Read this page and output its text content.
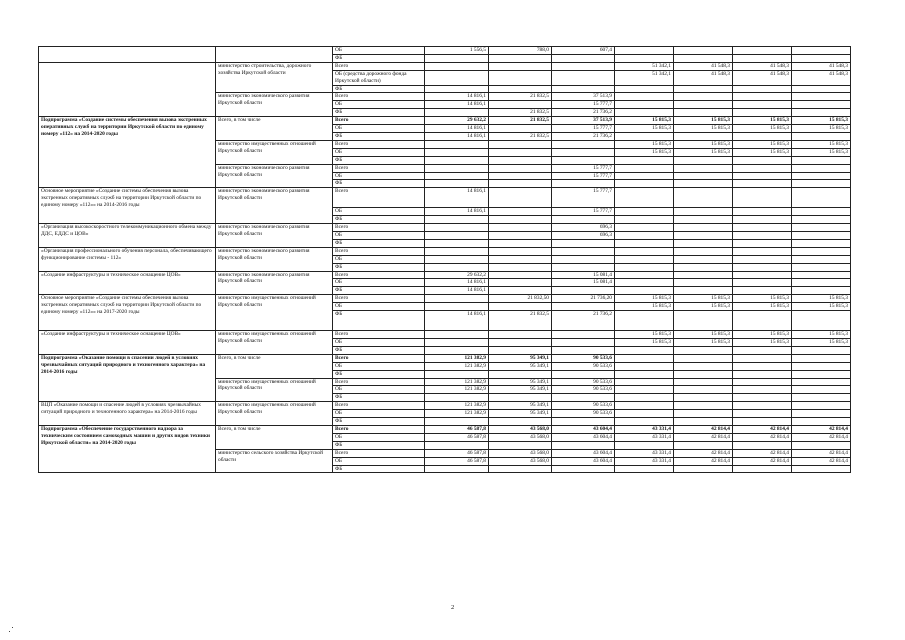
		ОБ	1 556,5	788,0	607,4				
		ФБ							
	министерство строительства, дорожного хозяйства Иркутской области	Всего				51 342,1	41 548,3	41 548,3	41 548,3
		ОБ (средства дорожного фонда Иркутской области)				51 342,1	41 548,3	41 548,3	41 548,3
		ФБ							
	министерство экономического развития Иркутской области	Всего	14 816,1	21 832,5	37 513,9				
		ОБ	14 816,1		15 777,7				
		ФБ		21 832,5	21 736,2				
Подпрограмма «Создание системы обеспечения вызова экстренных оперативных служб на территории Иркутской области по единому номеру «112» на 2014-2020 годы	Всего, в том числе	Всего	29 632,2	21 832,5	37 513,9	15 815,3	15 815,3	15 815,3	15 815,3
		ОБ	14 816,1		15 777,7	15 815,3	15 815,3	15 815,3	15 815,3
		ФБ	14 816,1	21 832,5	21 736,2				
	министерство имущественных отношений Иркутской области	Всего				15 815,3	15 815,3	15 815,3	15 815,3
		ОБ				15 815,3	15 815,3	15 815,3	15 815,3
		ФБ							
	министерство экономического развития Иркутской области	Всего			15 777,7				
		ОБ			15 777,7				
		ФБ							
Основное мероприятие «Создание системы обеспечения вызова экстренных оперативных служб на территории Иркутской области по единому номеру «112»» на 2014-2016 годы	министерство экономического развития Иркутской области	Всего	14 816,1		15 777,7				
		ОБ	14 816,1		15 777,7				
		ФБ							
«Организация высокоскоростного телекоммуникационного обмена между ДДС, ЕДДС и ЦОВ»	министерство экономического развития Иркутской области	Всего			696,3				
		ОБ			696,3				
		ФБ							
«Организация профессионального обучения персонала, обеспечивающего функционирование системы - 112»	министерство экономического развития Иркутской области	Всего							
		ОБ							
		ФБ							
«Создание инфраструктуры и техническое оснащение ЦОВ»	министерство экономического развития Иркутской области	Всего	29 632,2		15 081,4				
		ОБ	14 816,1		15 081,4				
		ФБ	14 816,1						
Основное мероприятие «Создание системы обеспечения вызова экстренных оперативных служб на территории Иркутской области по единому номеру «112»» на 2017-2020 годы	министерство имущественных отношений Иркутской области	Всего		21 832,50	21 736,20	15 815,3	15 815,3	15 815,3	15 815,3
		ОБ				15 815,3	15 815,3	15 815,3	15 815,3
		ФБ	14 816,1	21 832,5	21 736,2				
«Создание инфраструктуры и техническое оснащение ЦОВ»	министерство имущественных отношений Иркутской области	Всего				15 815,3	15 815,3	15 815,3	15 815,3
		ОБ				15 815,3	15 815,3	15 815,3	15 815,3
		ФБ							
Подпрограмма «Оказание помощи в спасении людей в условиях чрезвычайных ситуаций природного и техногенного характера» на 2014-2016 годы	Всего, в том числе	Всего	121 382,9	95 349,1	90 533,6				
		ОБ	121 382,9	95 349,1	90 533,6				
		ФБ							
	министерство имущественных отношений Иркутской области	Всего	121 382,9	95 349,1	90 533,6				
		ОБ	121 382,9	95 349,1	90 533,6				
		ФБ							
ВЦП «Оказание помощи и спасение людей в условиях чрезвычайных ситуаций природного и техногенного характера» на 2014-2016 годы	министерство имущественных отношений Иркутской области	Всего	121 382,9	95 349,1	90 533,6				
		ОБ	121 382,9	95 349,1	90 533,6				
		ФБ							
Подпрограмма «Обеспечение государственного надзора за техническим состоянием самоходных машин и других видов техники Иркутской области» на 2014-2020 годы	Всего, в том числе	Всего	46 587,8	43 568,0	43 604,4	43 331,4	42 814,4	42 814,4	42 814,4
		ОБ	46 587,8	43 568,0	43 604,4	43 331,4	42 814,4	42 814,4	42 814,4
		ФБ							
	министерство сельского хозяйства Иркутской области	Всего	46 587,8	43 568,0	43 604,4	43 331,4	42 814,4	42 814,4	42 814,4
		ОБ	46 587,8	43 568,0	43 604,4	43 331,4	42 814,4	42 814,4	42 814,4
		ФБ							
2
